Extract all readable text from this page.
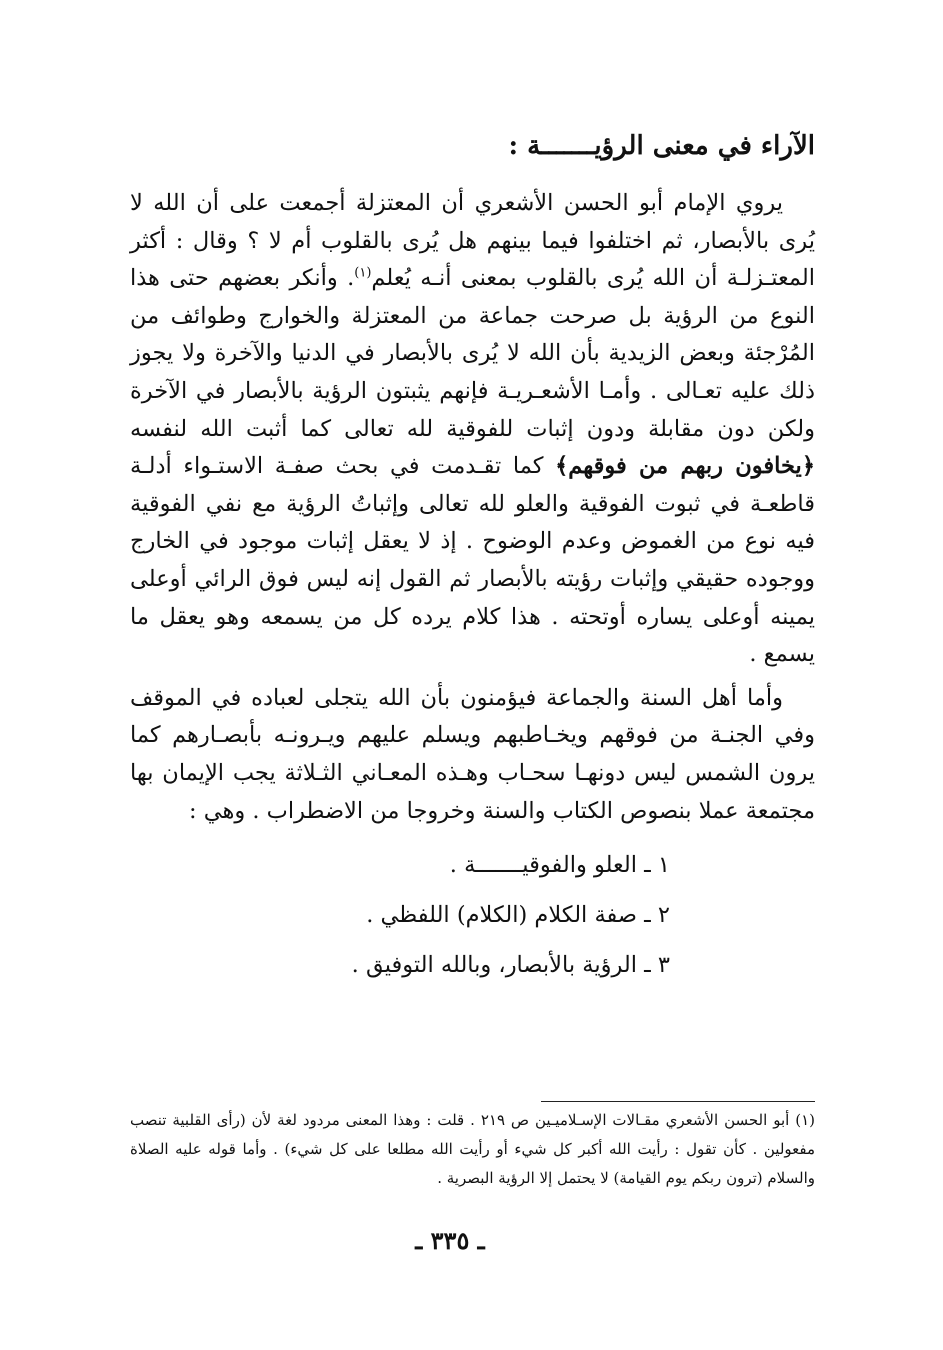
الآراء في معنى الرؤيـــــــة :

يروي الإمام أبو الحسن الأشعري أن المعتزلة أجمعت على أن الله لا يُرى بالأبصار، ثم اختلفوا فيما بينهم هل يُرى بالقلوب أم لا ؟ وقال : أكثر المعتـزلـة أن الله يُرى بالقلوب بمعنى أنـه يُعلم$^{(١)}$. وأنكر بعضهم حتى هذا النوع من الرؤية بل صرحت جماعة من المعتزلة والخوارج وطوائف من المُرْجئة وبعض الزيدية بأن الله لا يُرى بالأبصار في الدنيا والآخرة ولا يجوز ذلك عليه تعـالى . وأمـا الأشعـريـة فإنهم يثبتون الرؤية بالأبصار في الآخرة ولكن دون مقابلة ودون إثبات للفوقية لله تعالى كما أثبت الله لنفسه ﴿يخافون ربهم من فوقهم﴾ كما تقـدمت في بحث صفـة الاستـواء أدلـة قاطعـة في ثبوت الفوقية والعلو لله تعالى وإثباتُ الرؤية مع نفي الفوقية فيه نوع من الغموض وعدم الوضوح . إذ لا يعقل إثبات موجود في الخارج ووجوده حقيقي وإثبات رؤيته بالأبصار ثم القول إنه ليس فوق الرائي أوعلى يمينه أوعلى يساره أوتحته . هذا كلام يرده كل من يسمعه وهو يعقل ما يسمع .

وأما أهل السنة والجماعة فيؤمنون بأن الله يتجلى لعباده في الموقف وفي الجنـة من فوقهم ويخـاطبهم ويسلم عليهم ويـرونـه بأبصـارهم كما يرون الشمس ليس دونهـا سحـاب وهـذه المعـاني الثـلاثة يجب الإيمان بها مجتمعة عملا بنصوص الكتاب والسنة وخروجا من الاضطراب . وهي :

١ ـ العلو والفوقيـــــــة .
٢ ـ صفة الكلام (الكلام) اللفظي .
٣ ـ الرؤية بالأبصار، وبالله التوفيق .
(١) أبو الحسن الأشعري مقـالات الإسـلاميـين ص ٢١٩ . قلت : وهذا المعنى مردود لغة لأن (رأى القلبية تنصب مفعولين . كأن تقول : رأيت الله أكبر كل شيء أو رأيت الله مطلعا على كل شيء) . وأما قوله عليه الصلاة والسلام (ترون ربكم يوم القيامة) لا يحتمل إلا الرؤية البصرية .
ـ ٣٣٥ ـ
